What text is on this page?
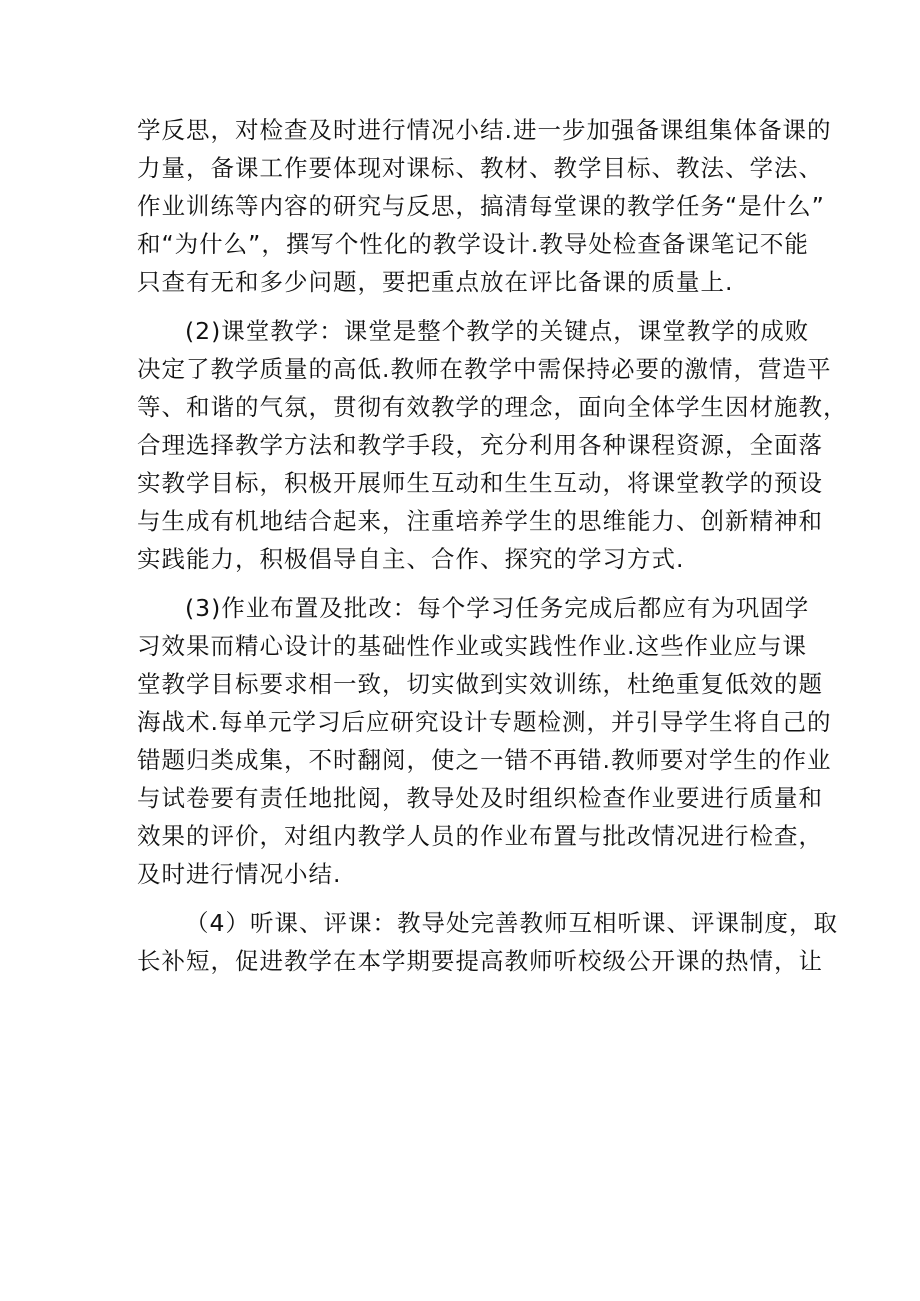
学反思，对检查及时进行情况小结.进一步加强备课组集体备课的
力量，备课工作要体现对课标、教材、教学目标、教法、学法、
作业训练等内容的研究与反思，搞清每堂课的教学任务“是什么”
和“为什么”，撰写个性化的教学设计.教导处检查备课笔记不能
只查有无和多少问题，要把重点放在评比备课的质量上.
(2)课堂教学：课堂是整个教学的关键点，课堂教学的成败
决定了教学质量的高低.教师在教学中需保持必要的激情，营造平
等、和谐的气氛，贯彻有效教学的理念，面向全体学生因材施教，
合理选择教学方法和教学手段，充分利用各种课程资源，全面落
实教学目标，积极开展师生互动和生生互动，将课堂教学的预设
与生成有机地结合起来，注重培养学生的思维能力、创新精神和
实践能力，积极倡导自主、合作、探究的学习方式.
(3)作业布置及批改：每个学习任务完成后都应有为巩固学
习效果而精心设计的基础性作业或实践性作业.这些作业应与课
堂教学目标要求相一致，切实做到实效训练，杜绝重复低效的题
海战术.每单元学习后应研究设计专题检测，并引导学生将自己的
错题归类成集，不时翻阅，使之一错不再错.教师要对学生的作业
与试卷要有责任地批阅，教导处及时组织检查作业要进行质量和
效果的评价，对组内教学人员的作业布置与批改情况进行检查，
及时进行情况小结.
（4）听课、评课：教导处完善教师互相听课、评课制度，取
长补短，促进教学在本学期要提高教师听校级公开课的热情，让
